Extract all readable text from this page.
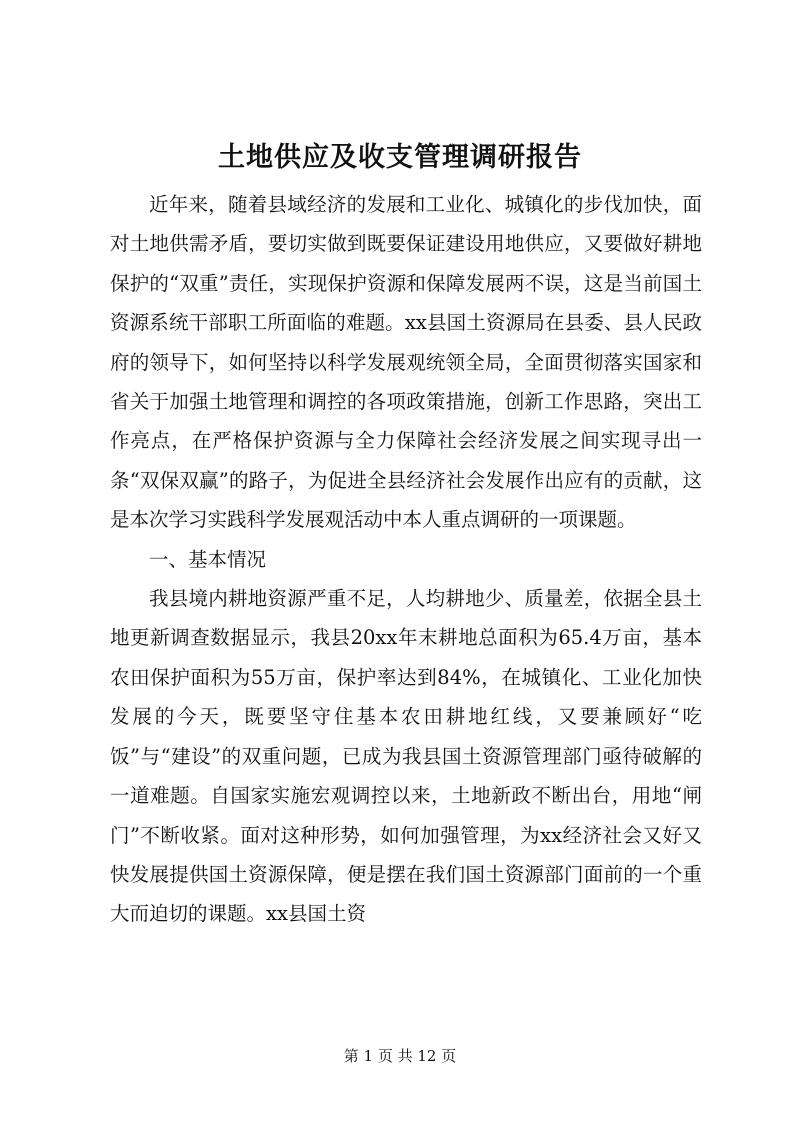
土地供应及收支管理调研报告

近年来，随着县域经济的发展和工业化、城镇化的步伐加快，面对土地供需矛盾，要切实做到既要保证建设用地供应，又要做好耕地保护的“双重”责任，实现保护资源和保障发展两不误，这是当前国土资源系统干部职工所面临的难题。xx县国土资源局在县委、县人民政府的领导下，如何坚持以科学发展观统领全局，全面贯彻落实国家和省关于加强土地管理和调控的各项政策措施，创新工作思路，突出工作亮点，在严格保护资源与全力保障社会经济发展之间实现寻出一条“双保双赢”的路子，为促进全县经济社会发展作出应有的贡献，这是本次学习实践科学发展观活动中本人重点调研的一项课题。

一、基本情况

我县境内耕地资源严重不足，人均耕地少、质量差，依据全县土地更新调查数据显示，我县20xx年末耕地总面积为65.4万亩，基本农田保护面积为55万亩，保护率达到84%，在城镇化、工业化加快发展的今天，既要坚守住基本农田耕地红线，又要兼顾好“吃饭”与“建设”的双重问题，已成为我县国土资源管理部门亟待破解的一道难题。自国家实施宏观调控以来，土地新政不断出台，用地“闸门”不断收紧。面对这种形势，如何加强管理，为xx经济社会又好又快发展提供国土资源保障，便是摆在我们国土资源部门面前的一个重大而迫切的课题。xx县国土资

第 1 页 共 12 页
